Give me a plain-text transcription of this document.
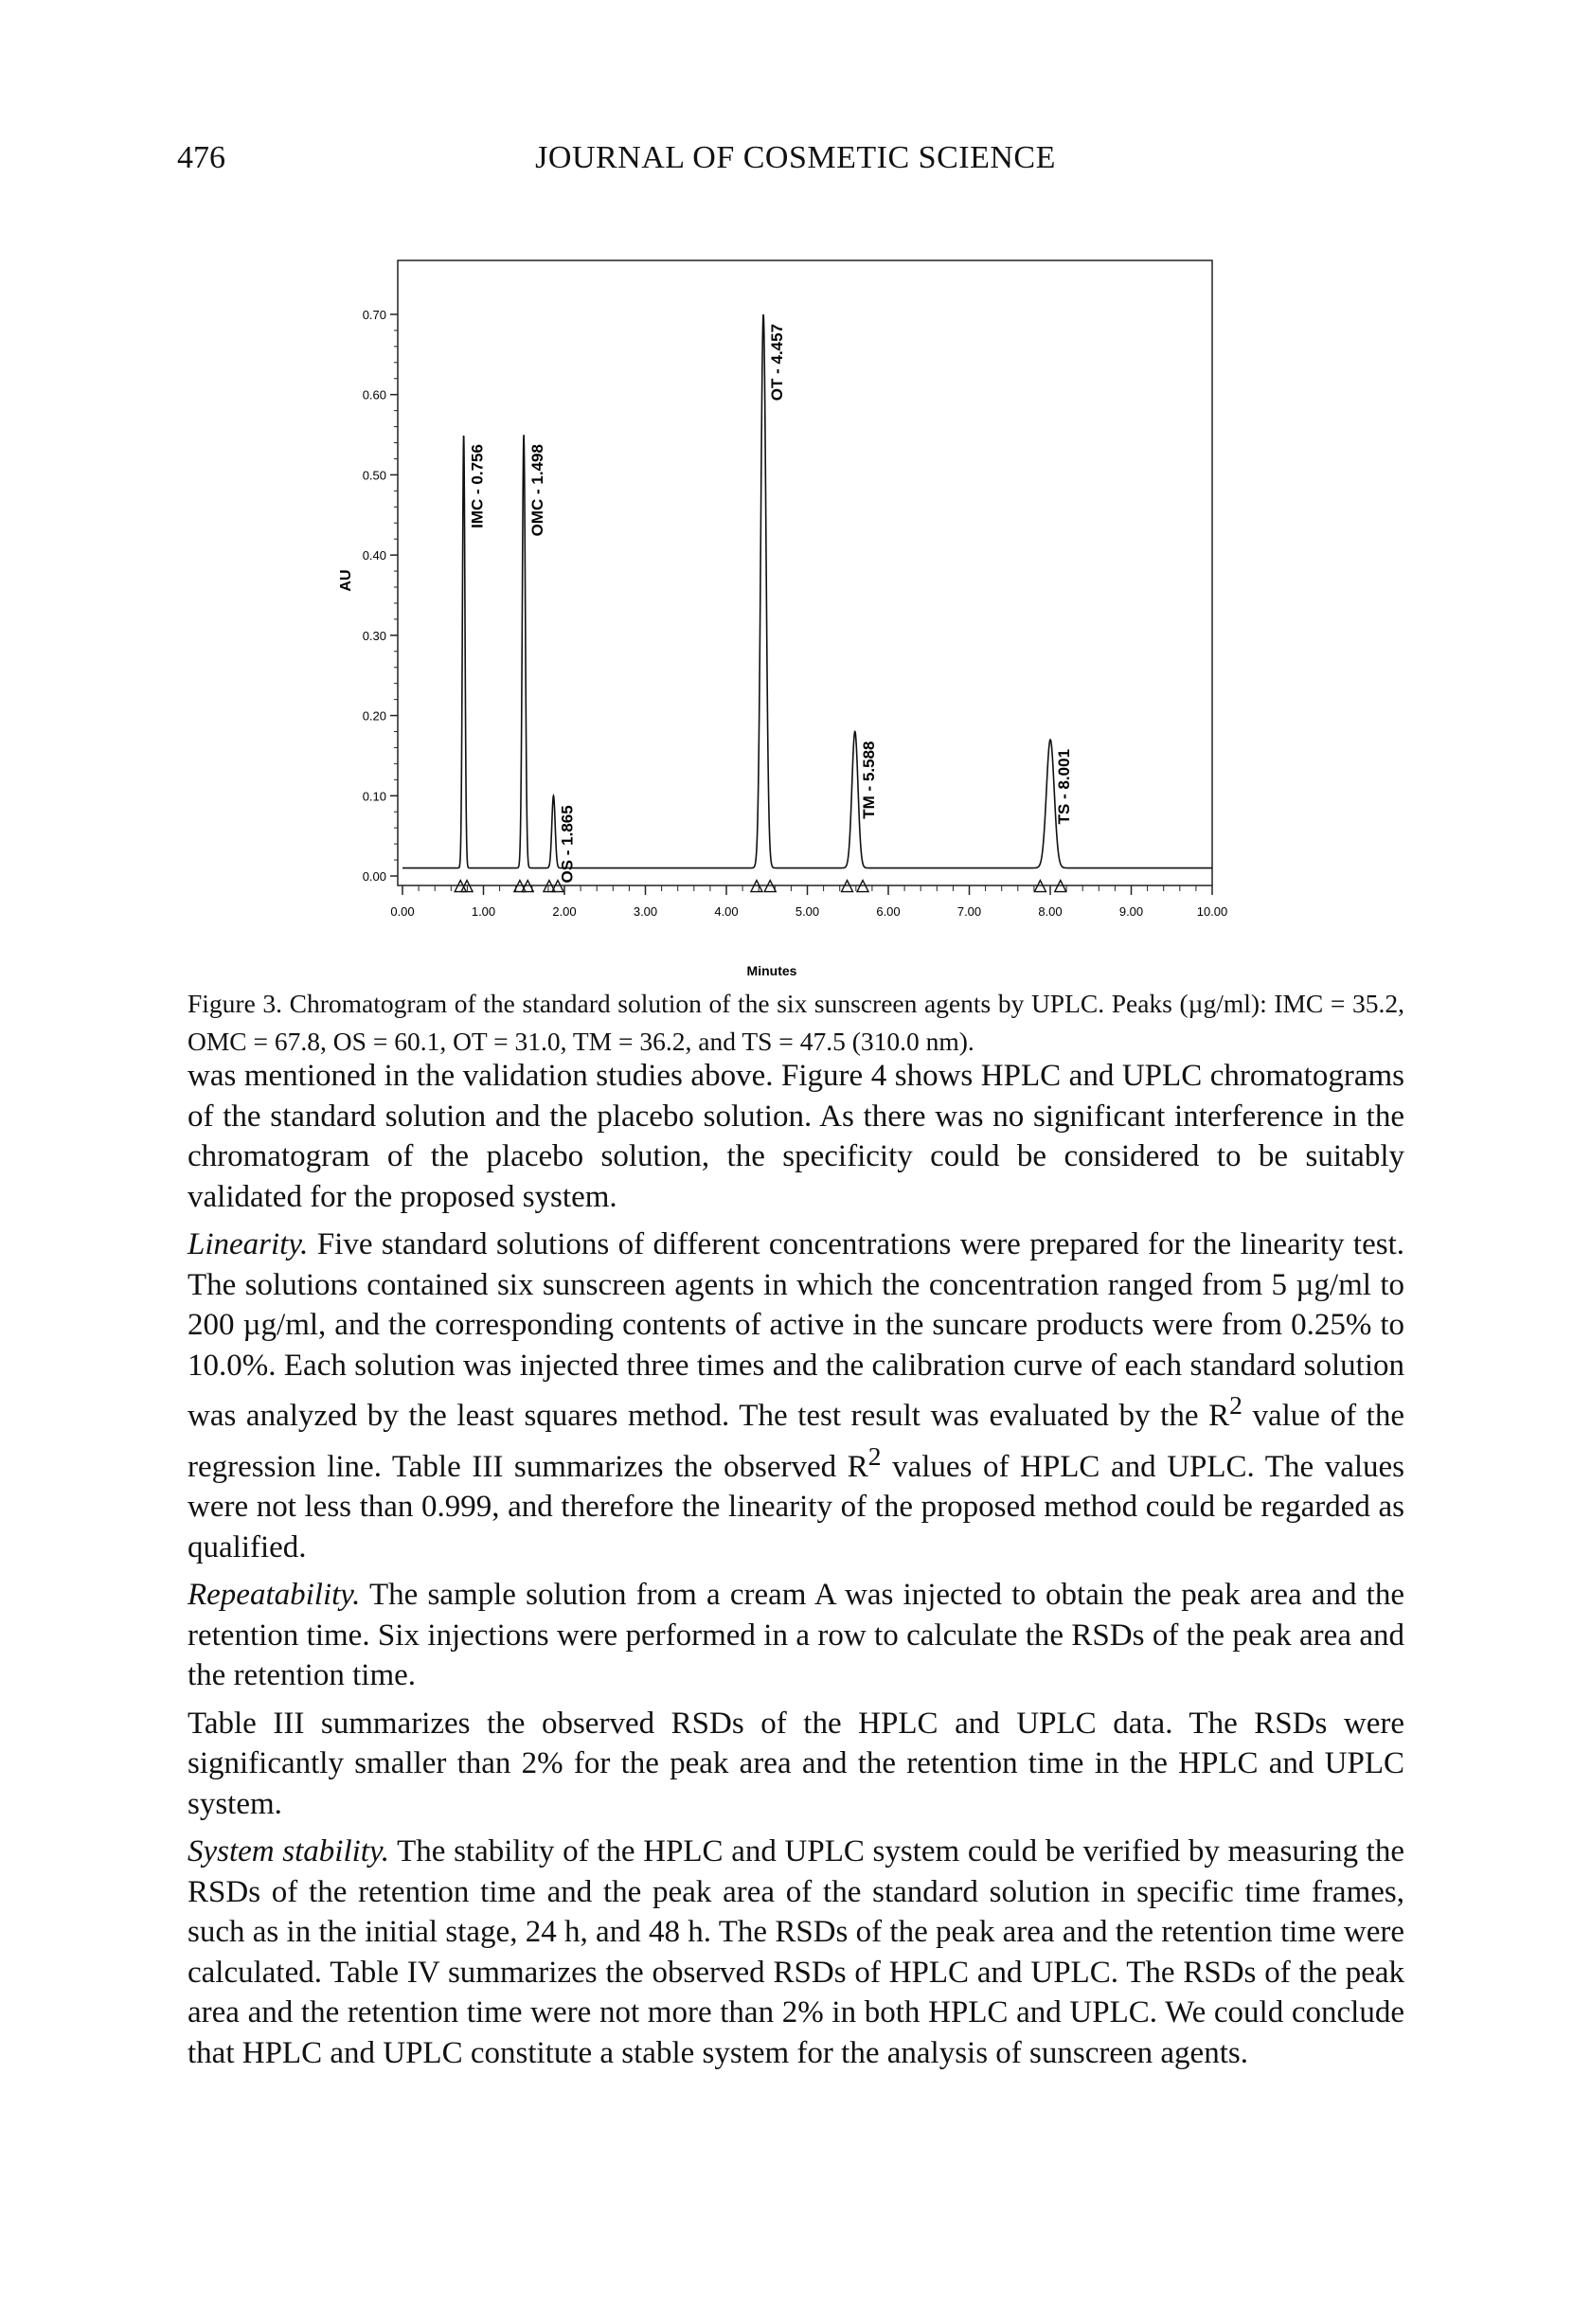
476	JOURNAL OF COSMETIC SCIENCE
0.00
0.10
0.20
0.30
0.40
0.50
0.60
0.70
0.00	1.00	2.00	3.00	4.00	5.00	6.00	7.00	8.00	9.00	10.00
IMC - 0.756	OMC - 1.498
OS - 1.865
OT - 4.457
TM - 5.588	TS - 8.001
Minutes
AU
Figure 3. Chromatogram of the standard solution of the six sunscreen agents by UPLC. Peaks (µg/ml): IMC = 35.2, OMC = 67.8, OS = 60.1, OT = 31.0, TM = 36.2, and TS = 47.5 (310.0 nm).

was mentioned in the validation studies above. Figure 4 shows HPLC and UPLC chromatograms of the standard solution and the placebo solution. As there was no significant interference in the chromatogram of the placebo solution, the specificity could be considered to be suitably validated for the proposed system.

Linearity. Five standard solutions of different concentrations were prepared for the linearity test. The solutions contained six sunscreen agents in which the concentration ranged from 5 µg/ml to 200 µg/ml, and the corresponding contents of active in the suncare products were from 0.25% to 10.0%. Each solution was injected three times and the calibration curve of each standard solution was analyzed by the least squares method. The test result was evaluated by the $R^2$ value of the regression line. Table III summarizes the observed $R^2$ values of HPLC and UPLC. The values were not less than 0.999, and therefore the linearity of the proposed method could be regarded as qualified.

Repeatability. The sample solution from a cream A was injected to obtain the peak area and the retention time. Six injections were performed in a row to calculate the RSDs of the peak area and the retention time.

Table III summarizes the observed RSDs of the HPLC and UPLC data. The RSDs were significantly smaller than 2% for the peak area and the retention time in the HPLC and UPLC system.

System stability. The stability of the HPLC and UPLC system could be verified by measuring the RSDs of the retention time and the peak area of the standard solution in specific time frames, such as in the initial stage, 24 h, and 48 h. The RSDs of the peak area and the retention time were calculated. Table IV summarizes the observed RSDs of HPLC and UPLC. The RSDs of the peak area and the retention time were not more than 2% in both HPLC and UPLC. We could conclude that HPLC and UPLC constitute a stable system for the analysis of sunscreen agents.
